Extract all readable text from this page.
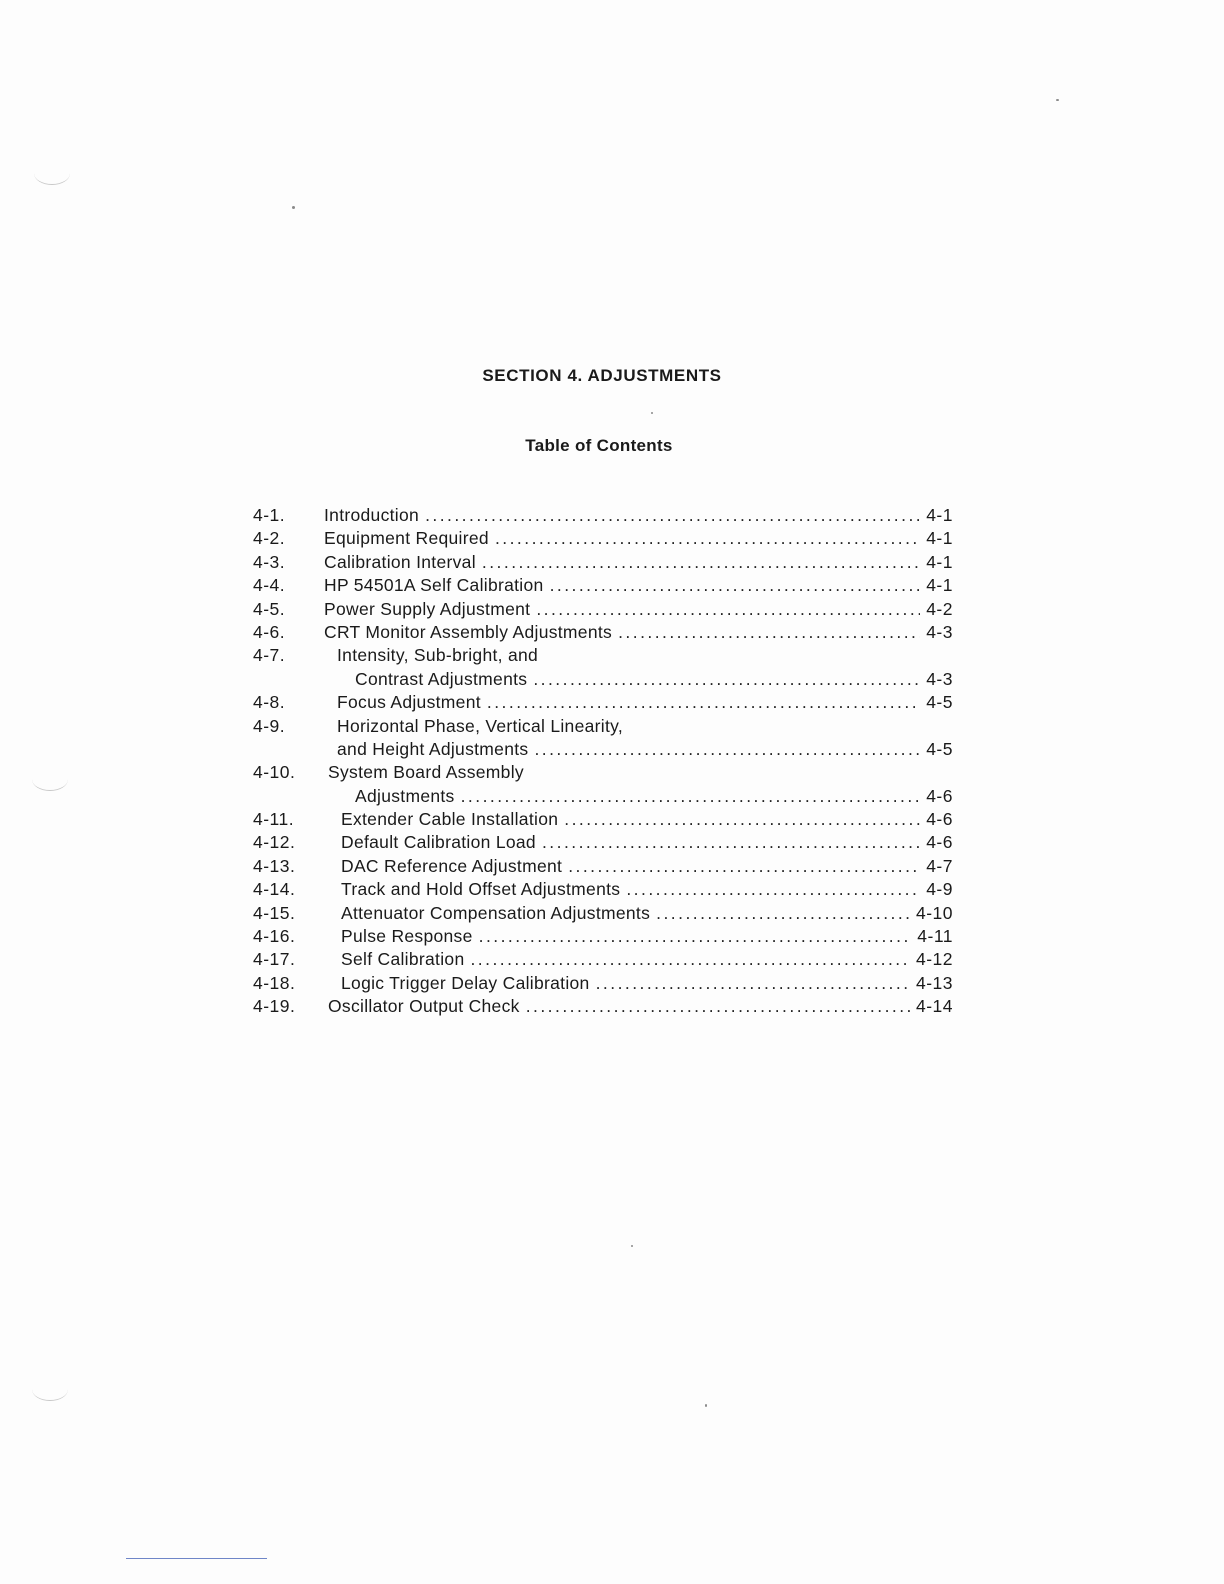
SECTION 4. ADJUSTMENTS
Table of Contents
4-1. Introduction . . .	4-1
4-2. Equipment Required . . .	4-1
4-3. Calibration Interval . . .	4-1
4-4. HP 54501A Self Calibration . . .	4-1
4-5. Power Supply Adjustment . . .	4-2
4-6. CRT Monitor Assembly Adjustments . . .	4-3
4-7.	Intensity, Sub-bright, and
Contrast Adjustments . . .	4-3
4-8.	Focus Adjustment . . .	4-5
4-9.	Horizontal Phase, Vertical Linearity,
and Height Adjustments . . .	4-5
4-10. System Board Assembly
Adjustments . . .	4-6
4-11.	Extender Cable Installation . . .	4-6
4-12.	Default Calibration Load . . .	4-6
4-13.	DAC Reference Adjustment . . .	4-7
4-14.	Track and Hold Offset Adjustments . . .	4-9
4-15.	Attenuator Compensation Adjustments . . .	4-10
4-16.	Pulse Response . . .	4-11
4-17.	Self Calibration . . .	4-12
4-18.	Logic Trigger Delay Calibration . . .	4-13
4-19. Oscillator Output Check . . .	4-14
